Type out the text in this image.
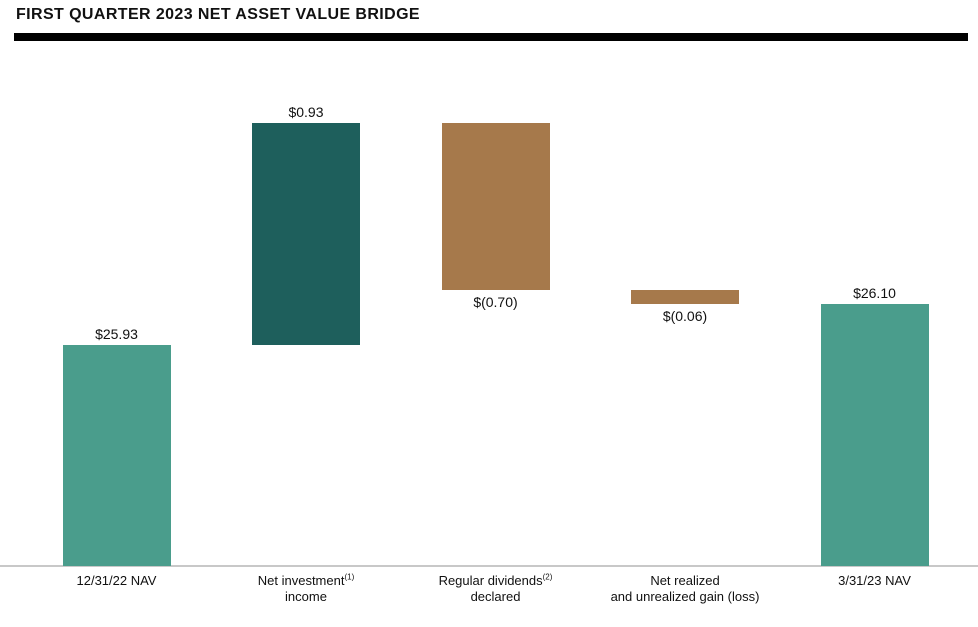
FIRST QUARTER 2023 NET ASSET VALUE BRIDGE
$25.93
12/31/22 NAV
$0.93
Net investment$^{(1)}$
income
$(0.70)
Regular dividends$^{(2)}$
declared
$(0.06)
Net realized
and unrealized gain (loss)
$26.10
3/31/23 NAV
